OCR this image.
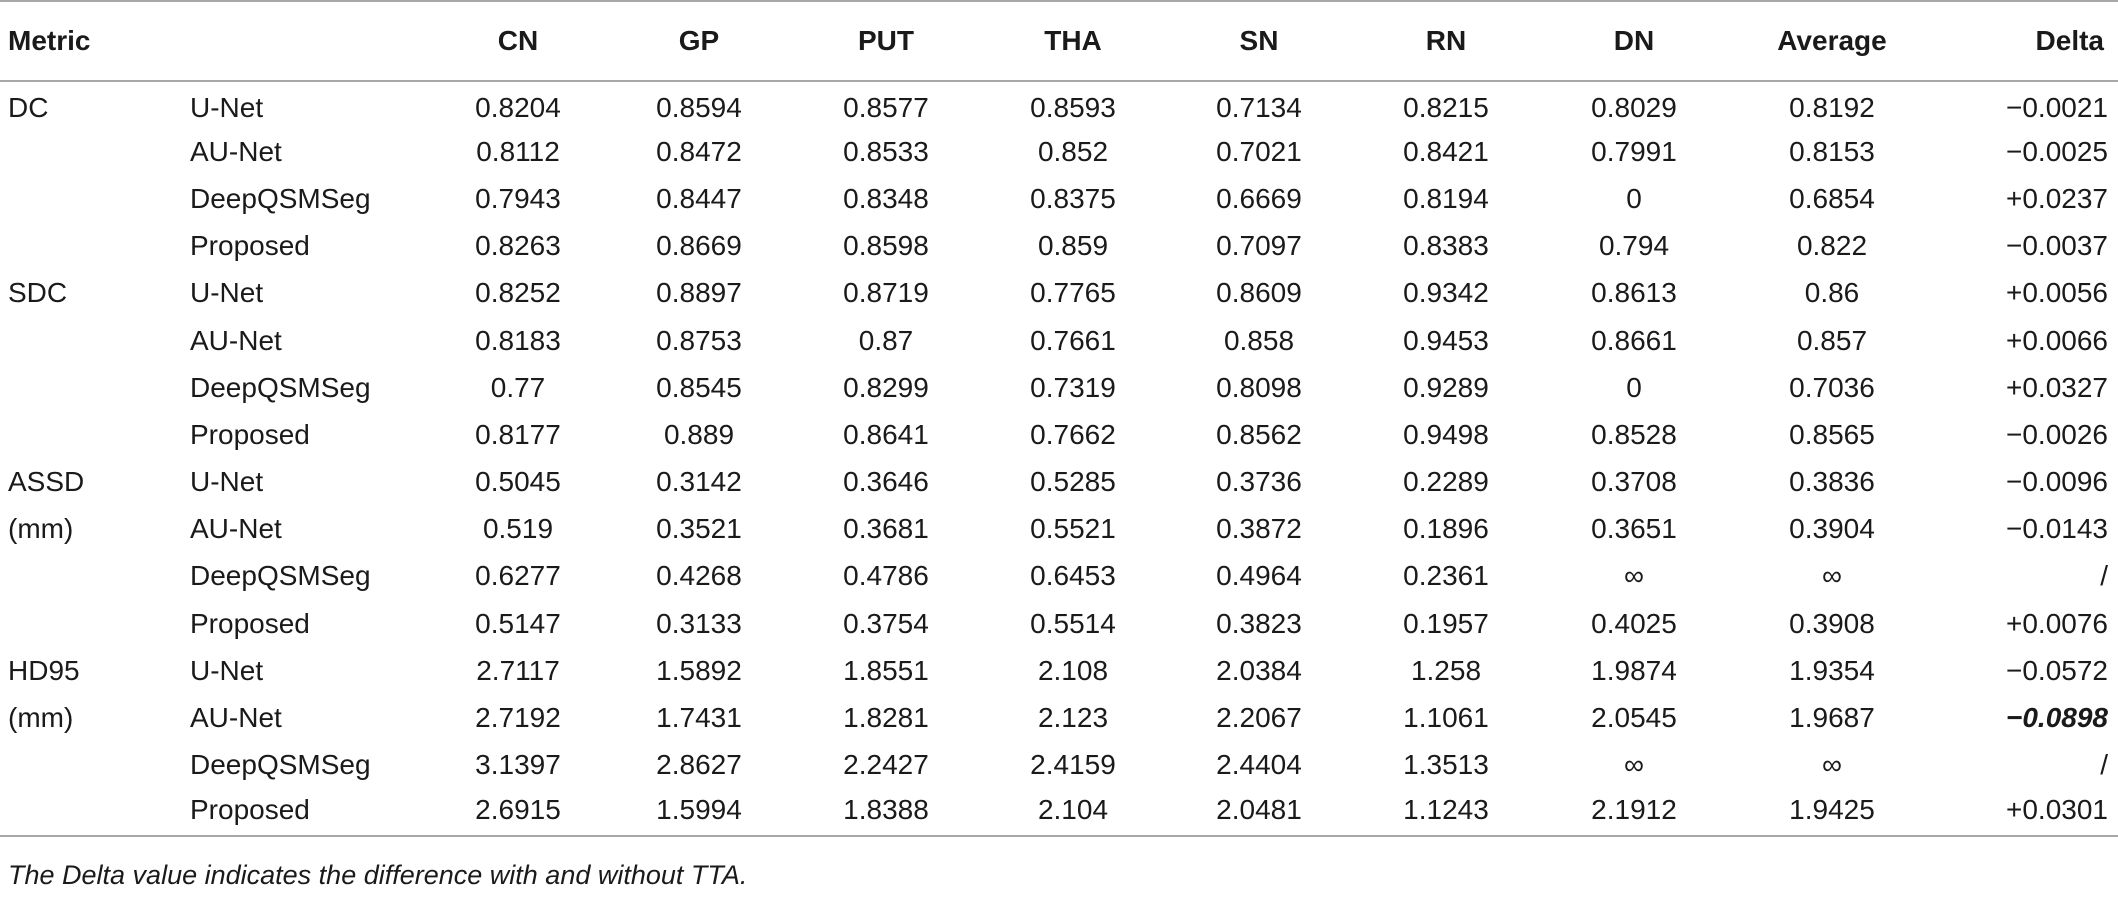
Metric		CN	GP	PUT	THA	SN	RN	DN	Average	Delta
DC	U-Net	0.8204	0.8594	0.8577	0.8593	0.7134	0.8215	0.8029	0.8192	−0.0021
	AU-Net	0.8112	0.8472	0.8533	0.852	0.7021	0.8421	0.7991	0.8153	−0.0025
	DeepQSMSeg	0.7943	0.8447	0.8348	0.8375	0.6669	0.8194	0	0.6854	+0.0237
	Proposed	0.8263	0.8669	0.8598	0.859	0.7097	0.8383	0.794	0.822	−0.0037
SDC	U-Net	0.8252	0.8897	0.8719	0.7765	0.8609	0.9342	0.8613	0.86	+0.0056
	AU-Net	0.8183	0.8753	0.87	0.7661	0.858	0.9453	0.8661	0.857	+0.0066
	DeepQSMSeg	0.77	0.8545	0.8299	0.7319	0.8098	0.9289	0	0.7036	+0.0327
	Proposed	0.8177	0.889	0.8641	0.7662	0.8562	0.9498	0.8528	0.8565	−0.0026
ASSD	U-Net	0.5045	0.3142	0.3646	0.5285	0.3736	0.2289	0.3708	0.3836	−0.0096
(mm)	AU-Net	0.519	0.3521	0.3681	0.5521	0.3872	0.1896	0.3651	0.3904	−0.0143
	DeepQSMSeg	0.6277	0.4268	0.4786	0.6453	0.4964	0.2361	∞	∞	/
	Proposed	0.5147	0.3133	0.3754	0.5514	0.3823	0.1957	0.4025	0.3908	+0.0076
HD95	U-Net	2.7117	1.5892	1.8551	2.108	2.0384	1.258	1.9874	1.9354	−0.0572
(mm)	AU-Net	2.7192	1.7431	1.8281	2.123	2.2067	1.1061	2.0545	1.9687	−0.0898
	DeepQSMSeg	3.1397	2.8627	2.2427	2.4159	2.4404	1.3513	∞	∞	/
	Proposed	2.6915	1.5994	1.8388	2.104	2.0481	1.1243	2.1912	1.9425	+0.0301
The Delta value indicates the difference with and without TTA.
